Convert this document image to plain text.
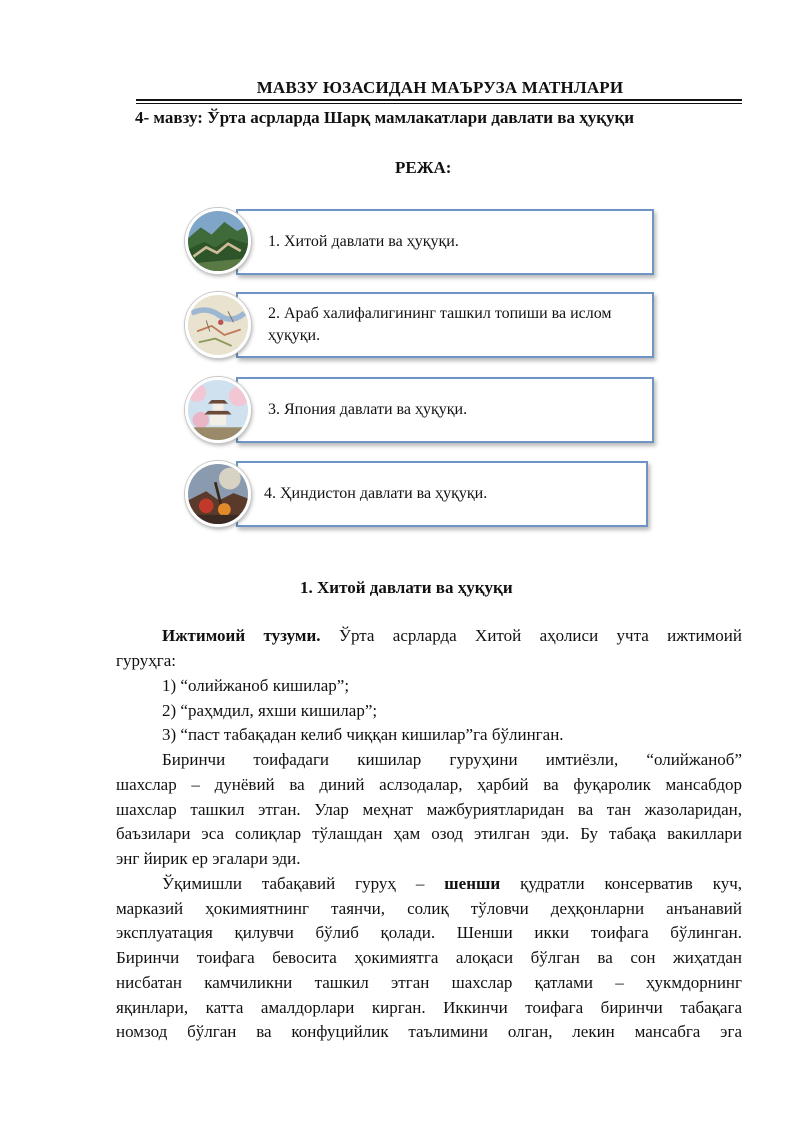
МАВЗУ ЮЗАСИДАН МАЪРУЗА МАТНЛАРИ
4- мавзу: Ўрта асрларда Шарқ мамлакатлари давлати ва ҳуқуқи
РЕЖА:
1. Хитой давлати ва ҳуқуқи.
2. Араб халифалигининг ташкил топиши ва ислом ҳуқуқи.
3. Япония давлати ва ҳуқуқи.
4. Ҳиндистон давлати ва ҳуқуқи.
1. Хитой давлати ва ҳуқуқи
Ижтимоий тузуми. Ўрта асрларда Хитой аҳолиси учта ижтимоий
гуруҳга:
1) “олийжаноб кишилар”;
2) “раҳмдил, яхши кишилар”;
3) “паст табақадан келиб чиққан кишилар”га бўлинган.
Биринчи тоифадаги кишилар гуруҳини имтиёзли, “олийжаноб”
шахслар – дунёвий ва диний аслзодалар, ҳарбий ва фуқаролик мансабдор
шахслар ташкил этган. Улар меҳнат мажбуриятларидан ва тан жазоларидан,
баъзилари эса солиқлар тўлашдан ҳам озод этилган эди. Бу табақа вакиллари
энг йирик ер эгалари эди.
Ўқимишли табақавий гуруҳ – шенши қудратли консерватив куч,
марказий ҳокимиятнинг таянчи, солиқ тўловчи деҳқонларни анъанавий
эксплуатация қилувчи бўлиб қолади. Шенши икки тоифага бўлинган.
Биринчи тоифага бевосита ҳокимиятга алоқаси бўлган ва сон жиҳатдан
нисбатан камчиликни ташкил этган шахслар қатлами – ҳукмдорнинг
яқинлари, катта амалдорлари кирган. Иккинчи тоифага биринчи табақага
номзод бўлган ва конфуцийлик таълимини олган, лекин мансабга эга
